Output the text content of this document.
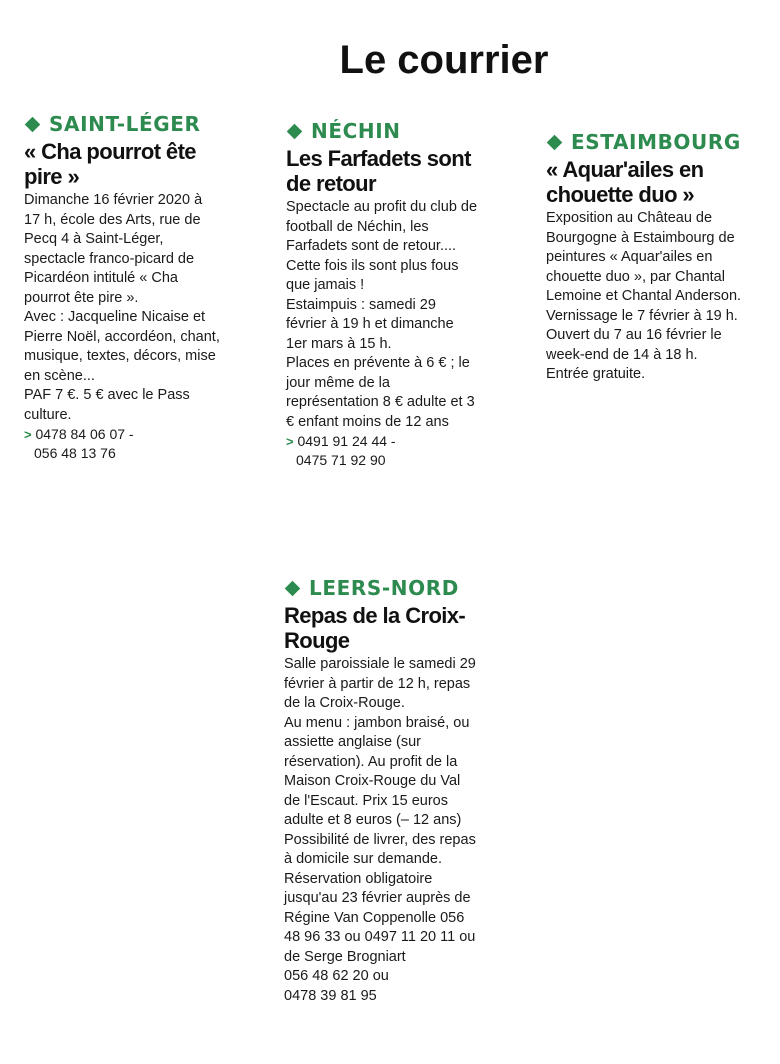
Le courrier
SAINT-LÉGER
« Cha pourrot ête pire »

Dimanche 16 février 2020 à 17 h, école des Arts, rue de Pecq 4 à Saint-Léger, spectacle franco-picard de Picardéon intitulé « Cha pourrot ête pire ».

Avec : Jacqueline Nicaise et Pierre Noël, accordéon, chant, musique, textes, décors, mise en scène...

PAF 7 €. 5 € avec le Pass culture.

> 0478 84 06 07 -
056 48 13 76
NÉCHIN
Les Farfadets sont de retour

Spectacle au profit du club de football de Néchin, les Farfadets sont de retour.... Cette fois ils sont plus fous que jamais !

Estaimpuis : samedi 29 février à 19 h et dimanche 1er mars à 15 h.

Places en prévente à 6 € ; le jour même de la représentation 8 € adulte et 3 € enfant moins de 12 ans

> 0491 91 24 44 -
0475 71 92 90
ESTAIMBOURG
« Aquar'ailes en chouette duo »

Exposition au Château de Bourgogne à Estaimbourg de peintures « Aquar'ailes en chouette duo », par Chantal Lemoine et Chantal Anderson.

Vernissage le 7 février à 19 h. Ouvert du 7 au 16 février le week-end de 14 à 18 h.

Entrée gratuite.

LEERS-NORD
Repas de la Croix-Rouge

Salle paroissiale le samedi 29 février à partir de 12 h, repas de la Croix-Rouge.

Au menu : jambon braisé, ou assiette anglaise (sur réservation). Au profit de la Maison Croix-Rouge du Val de l'Escaut. Prix 15 euros adulte et 8 euros (– 12 ans)

Possibilité de livrer, des repas à domicile sur demande.

Réservation obligatoire jusqu'au 23 février auprès de Régine Van Coppenolle 056 48 96 33 ou 0497 11 20 11 ou de Serge Brogniart

056 48 62 20 ou

0478 39 81 95
